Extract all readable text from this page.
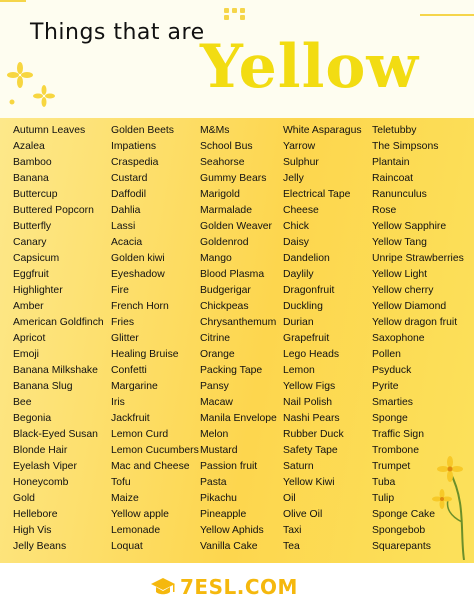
Things that are
Yellow
Autumn Leaves
Azalea
Bamboo
Banana
Buttercup
Buttered Popcorn
Butterfly
Canary
Capsicum
Eggfruit
Highlighter
Amber
American Goldfinch
Apricot
Emoji
Banana Milkshake
Banana Slug
Bee
Begonia
Black-Eyed Susan
Blonde Hair
Eyelash Viper
Honeycomb
Gold
Hellebore
High Vis
Jelly Beans
Golden Beets
Impatiens
Craspedia
Custard
Daffodil
Dahlia
Lassi
Acacia
Golden kiwi
Eyeshadow
Fire
French Horn
Fries
Glitter
Healing Bruise
Confetti
Margarine
Iris
Jackfruit
Lemon Curd
Lemon Cucumbers
Mac and Cheese
Tofu
Maize
Yellow apple
Lemonade
Loquat
M&Ms
School Bus
Seahorse
Gummy Bears
Marigold
Marmalade
Golden Weaver
Goldenrod
Mango
Blood Plasma
Budgerigar
Chickpeas
Chrysanthemum
Citrine
Orange
Packing Tape
Pansy
Macaw
Manila Envelope
Melon
Mustard
Passion fruit
Pasta
Pikachu
Pineapple
Yellow Aphids
Vanilla Cake
White Asparagus
Yarrow
Sulphur
Jelly
Electrical Tape
Cheese
Chick
Daisy
Dandelion
Daylily
Dragonfruit
Duckling
Durian
Grapefruit
Lego Heads
Lemon
Yellow Figs
Nail Polish
Nashi Pears
Rubber Duck
Safety Tape
Saturn
Yellow Kiwi
Oil
Olive Oil
Taxi
Tea
Teletubby
The Simpsons
Plantain
Raincoat
Ranunculus
Rose
Yellow Sapphire
Yellow Tang
Unripe Strawberries
Yellow Light
Yellow cherry
Yellow Diamond
Yellow dragon fruit
Saxophone
Pollen
Psyduck
Pyrite
Smarties
Sponge
Traffic Sign
Trombone
Trumpet
Tuba
Tulip
Sponge Cake
Spongebob
Squarepants
7ESL.COM
